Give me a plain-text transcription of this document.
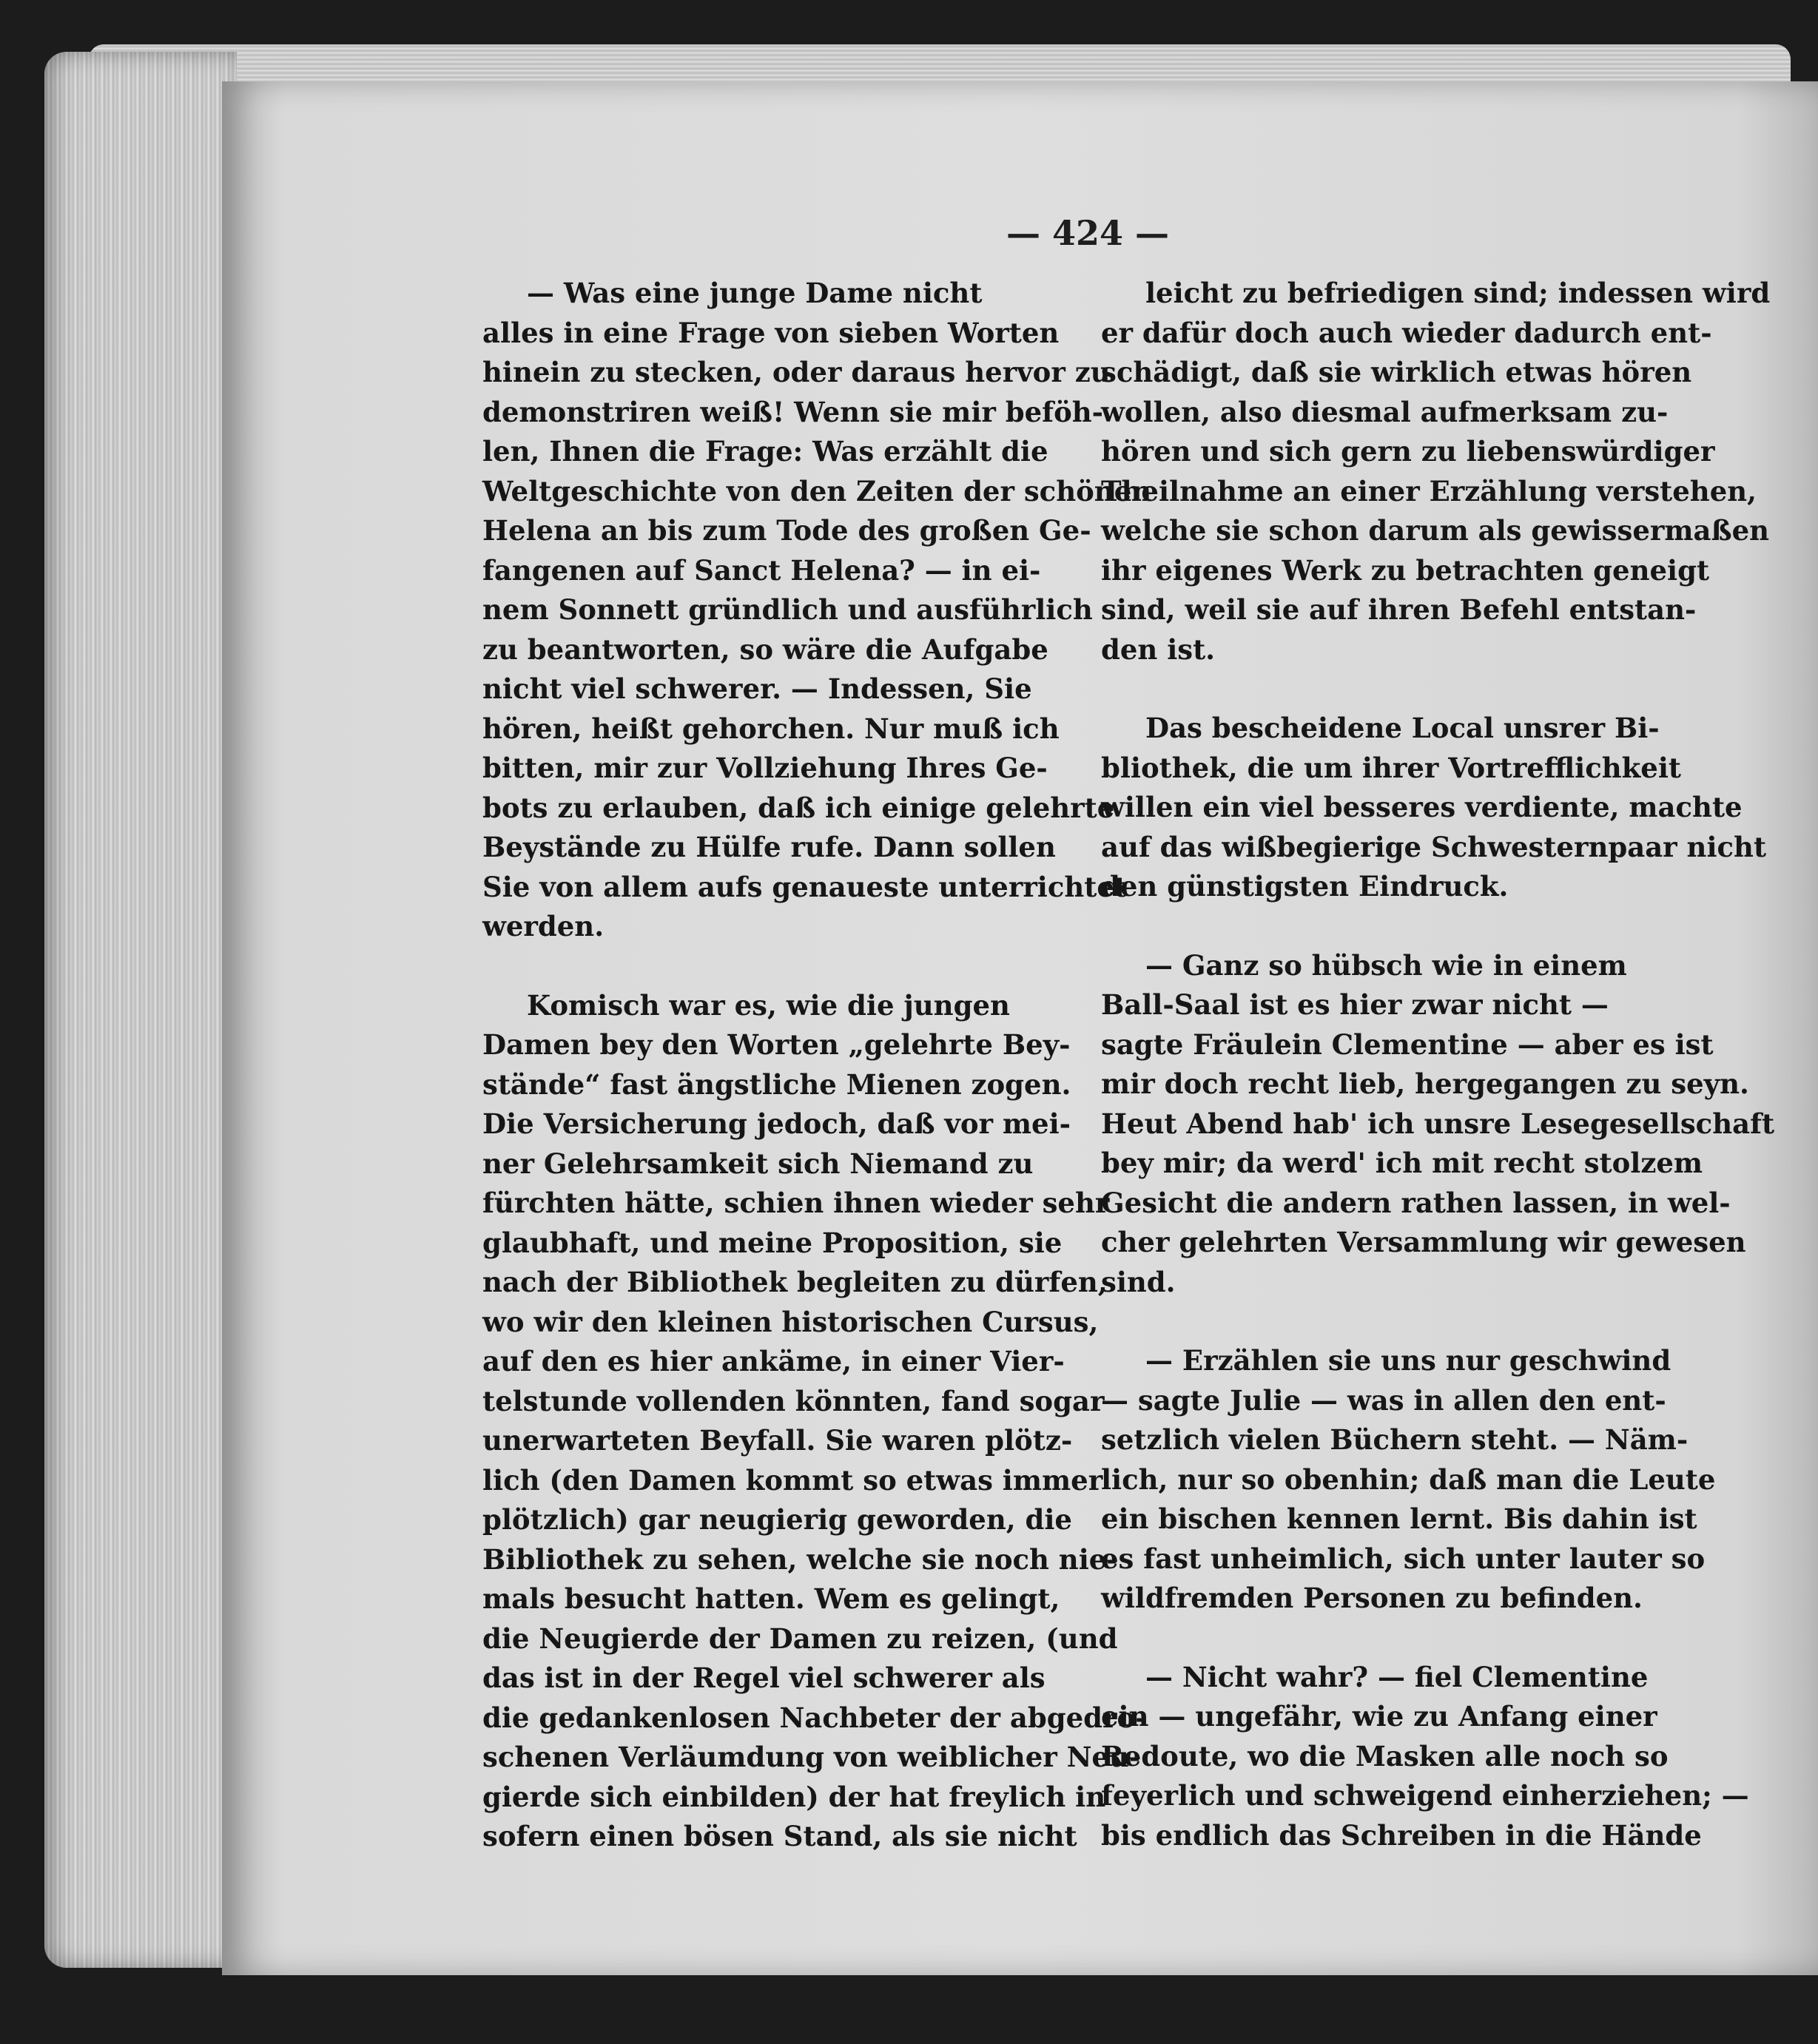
— 424 —
— Was eine junge Dame nicht
alles in eine Frage von sieben Worten
hinein zu stecken, oder daraus hervor zu
demonstriren weiß! Wenn sie mir beföh-
len, Ihnen die Frage: Was erzählt die
Weltgeschichte von den Zeiten der schönen
Helena an bis zum Tode des großen Ge-
fangenen auf Sanct Helena? — in ei-
nem Sonnett gründlich und ausführlich
zu beantworten, so wäre die Aufgabe
nicht viel schwerer. — Indessen, Sie
hören, heißt gehorchen. Nur muß ich
bitten, mir zur Vollziehung Ihres Ge-
bots zu erlauben, daß ich einige gelehrte
Beystände zu Hülfe rufe. Dann sollen
Sie von allem aufs genaueste unterrichtet
werden.
Komisch war es, wie die jungen
Damen bey den Worten „gelehrte Bey-
stände“ fast ängstliche Mienen zogen.
Die Versicherung jedoch, daß vor mei-
ner Gelehrsamkeit sich Niemand zu
fürchten hätte, schien ihnen wieder sehr
glaubhaft, und meine Proposition, sie
nach der Bibliothek begleiten zu dürfen,
wo wir den kleinen historischen Cursus,
auf den es hier ankäme, in einer Vier-
telstunde vollenden könnten, fand sogar
unerwarteten Beyfall. Sie waren plötz-
lich (den Damen kommt so etwas immer
plötzlich) gar neugierig geworden, die
Bibliothek zu sehen, welche sie noch nie-
mals besucht hatten. Wem es gelingt,
die Neugierde der Damen zu reizen, (und
das ist in der Regel viel schwerer als
die gedankenlosen Nachbeter der abgedro-
schenen Verläumdung von weiblicher Neu-
gierde sich einbilden) der hat freylich in
sofern einen bösen Stand, als sie nicht
leicht zu befriedigen sind; indessen wird
er dafür doch auch wieder dadurch ent-
schädigt, daß sie wirklich etwas hören
wollen, also diesmal aufmerksam zu-
hören und sich gern zu liebenswürdiger
Theilnahme an einer Erzählung verstehen,
welche sie schon darum als gewissermaßen
ihr eigenes Werk zu betrachten geneigt
sind, weil sie auf ihren Befehl entstan-
den ist.
Das bescheidene Local unsrer Bi-
bliothek, die um ihrer Vortrefflichkeit
willen ein viel besseres verdiente, machte
auf das wißbegierige Schwesternpaar nicht
den günstigsten Eindruck.
— Ganz so hübsch wie in einem
Ball-Saal ist es hier zwar nicht —
sagte Fräulein Clementine — aber es ist
mir doch recht lieb, hergegangen zu seyn.
Heut Abend hab' ich unsre Lesegesellschaft
bey mir; da werd' ich mit recht stolzem
Gesicht die andern rathen lassen, in wel-
cher gelehrten Versammlung wir gewesen
sind.
— Erzählen sie uns nur geschwind
— sagte Julie — was in allen den ent-
setzlich vielen Büchern steht. — Näm-
lich, nur so obenhin; daß man die Leute
ein bischen kennen lernt. Bis dahin ist
es fast unheimlich, sich unter lauter so
wildfremden Personen zu befinden.
— Nicht wahr? — fiel Clementine
ein — ungefähr, wie zu Anfang einer
Redoute, wo die Masken alle noch so
feyerlich und schweigend einherziehen; —
bis endlich das Schreiben in die Hände
